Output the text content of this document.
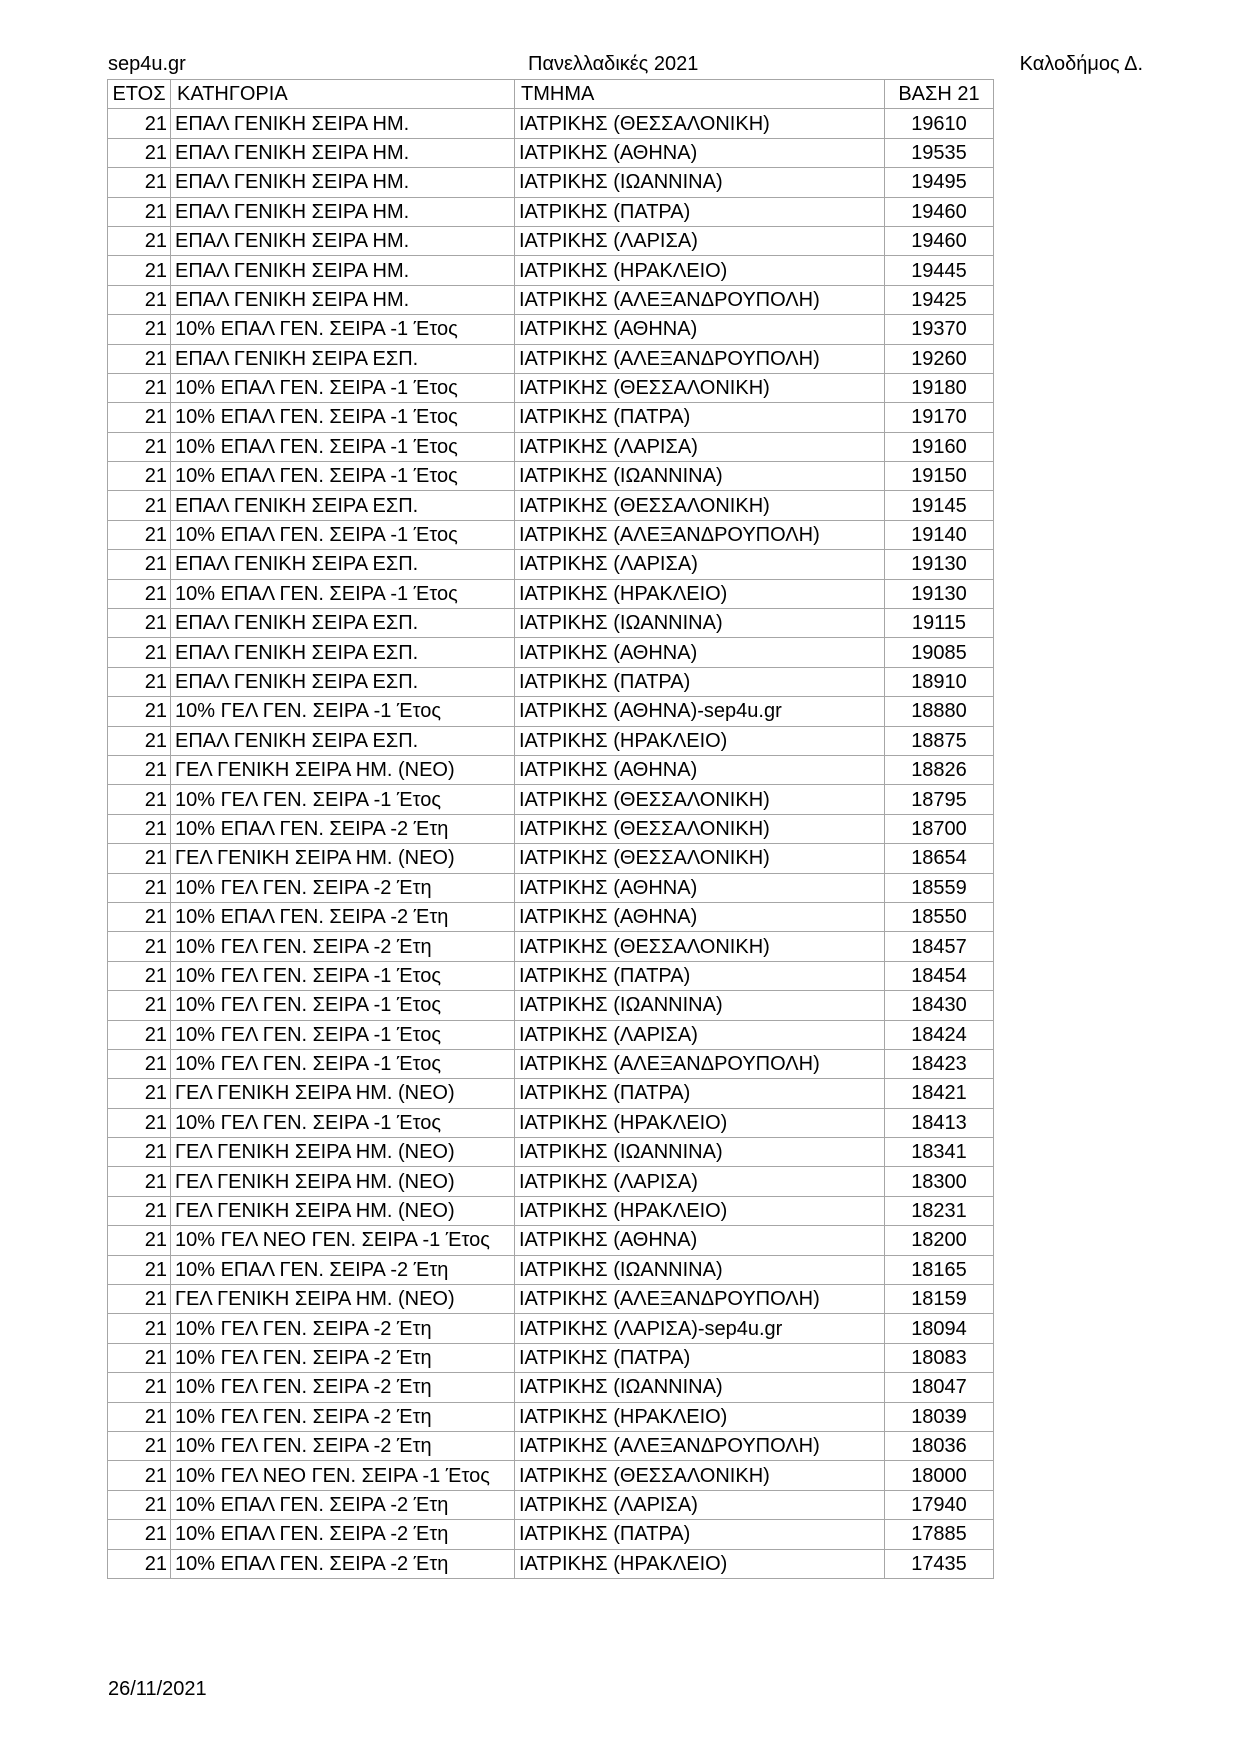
sep4u.gr	Πανελλαδικές 2021	Καλοδήμος Δ.
ΕΤΟΣ	ΚΑΤΗΓΟΡΙΑ	ΤΜΗΜΑ	ΒΑΣΗ 21
21	ΕΠΑΛ ΓΕΝΙΚΗ ΣΕΙΡΑ ΗΜ.	ΙΑΤΡΙΚΗΣ (ΘΕΣΣΑΛΟΝΙΚΗ)	19610
21	ΕΠΑΛ ΓΕΝΙΚΗ ΣΕΙΡΑ ΗΜ.	ΙΑΤΡΙΚΗΣ (ΑΘΗΝΑ)	19535
21	ΕΠΑΛ ΓΕΝΙΚΗ ΣΕΙΡΑ ΗΜ.	ΙΑΤΡΙΚΗΣ (ΙΩΑΝΝΙΝΑ)	19495
21	ΕΠΑΛ ΓΕΝΙΚΗ ΣΕΙΡΑ ΗΜ.	ΙΑΤΡΙΚΗΣ (ΠΑΤΡΑ)	19460
21	ΕΠΑΛ ΓΕΝΙΚΗ ΣΕΙΡΑ ΗΜ.	ΙΑΤΡΙΚΗΣ (ΛΑΡΙΣΑ)	19460
21	ΕΠΑΛ ΓΕΝΙΚΗ ΣΕΙΡΑ ΗΜ.	ΙΑΤΡΙΚΗΣ (ΗΡΑΚΛΕΙΟ)	19445
21	ΕΠΑΛ ΓΕΝΙΚΗ ΣΕΙΡΑ ΗΜ.	ΙΑΤΡΙΚΗΣ (ΑΛΕΞΑΝΔΡΟΥΠΟΛΗ)	19425
21	10% ΕΠΑΛ ΓΕΝ. ΣΕΙΡΑ -1 Έτος	ΙΑΤΡΙΚΗΣ (ΑΘΗΝΑ)	19370
21	ΕΠΑΛ ΓΕΝΙΚΗ ΣΕΙΡΑ ΕΣΠ.	ΙΑΤΡΙΚΗΣ (ΑΛΕΞΑΝΔΡΟΥΠΟΛΗ)	19260
21	10% ΕΠΑΛ ΓΕΝ. ΣΕΙΡΑ -1 Έτος	ΙΑΤΡΙΚΗΣ (ΘΕΣΣΑΛΟΝΙΚΗ)	19180
21	10% ΕΠΑΛ ΓΕΝ. ΣΕΙΡΑ -1 Έτος	ΙΑΤΡΙΚΗΣ (ΠΑΤΡΑ)	19170
21	10% ΕΠΑΛ ΓΕΝ. ΣΕΙΡΑ -1 Έτος	ΙΑΤΡΙΚΗΣ (ΛΑΡΙΣΑ)	19160
21	10% ΕΠΑΛ ΓΕΝ. ΣΕΙΡΑ -1 Έτος	ΙΑΤΡΙΚΗΣ (ΙΩΑΝΝΙΝΑ)	19150
21	ΕΠΑΛ ΓΕΝΙΚΗ ΣΕΙΡΑ ΕΣΠ.	ΙΑΤΡΙΚΗΣ (ΘΕΣΣΑΛΟΝΙΚΗ)	19145
21	10% ΕΠΑΛ ΓΕΝ. ΣΕΙΡΑ -1 Έτος	ΙΑΤΡΙΚΗΣ (ΑΛΕΞΑΝΔΡΟΥΠΟΛΗ)	19140
21	ΕΠΑΛ ΓΕΝΙΚΗ ΣΕΙΡΑ ΕΣΠ.	ΙΑΤΡΙΚΗΣ (ΛΑΡΙΣΑ)	19130
21	10% ΕΠΑΛ ΓΕΝ. ΣΕΙΡΑ -1 Έτος	ΙΑΤΡΙΚΗΣ (ΗΡΑΚΛΕΙΟ)	19130
21	ΕΠΑΛ ΓΕΝΙΚΗ ΣΕΙΡΑ ΕΣΠ.	ΙΑΤΡΙΚΗΣ (ΙΩΑΝΝΙΝΑ)	19115
21	ΕΠΑΛ ΓΕΝΙΚΗ ΣΕΙΡΑ ΕΣΠ.	ΙΑΤΡΙΚΗΣ (ΑΘΗΝΑ)	19085
21	ΕΠΑΛ ΓΕΝΙΚΗ ΣΕΙΡΑ ΕΣΠ.	ΙΑΤΡΙΚΗΣ (ΠΑΤΡΑ)	18910
21	10% ΓΕΛ ΓΕΝ. ΣΕΙΡΑ -1 Έτος	ΙΑΤΡΙΚΗΣ (ΑΘΗΝΑ)-sep4u.gr	18880
21	ΕΠΑΛ ΓΕΝΙΚΗ ΣΕΙΡΑ ΕΣΠ.	ΙΑΤΡΙΚΗΣ (ΗΡΑΚΛΕΙΟ)	18875
21	ΓΕΛ ΓΕΝΙΚΗ ΣΕΙΡΑ ΗΜ. (ΝΕΟ)	ΙΑΤΡΙΚΗΣ (ΑΘΗΝΑ)	18826
21	10% ΓΕΛ ΓΕΝ. ΣΕΙΡΑ -1 Έτος	ΙΑΤΡΙΚΗΣ (ΘΕΣΣΑΛΟΝΙΚΗ)	18795
21	10% ΕΠΑΛ ΓΕΝ. ΣΕΙΡΑ -2 Έτη	ΙΑΤΡΙΚΗΣ (ΘΕΣΣΑΛΟΝΙΚΗ)	18700
21	ΓΕΛ ΓΕΝΙΚΗ ΣΕΙΡΑ ΗΜ. (ΝΕΟ)	ΙΑΤΡΙΚΗΣ (ΘΕΣΣΑΛΟΝΙΚΗ)	18654
21	10% ΓΕΛ ΓΕΝ. ΣΕΙΡΑ -2 Έτη	ΙΑΤΡΙΚΗΣ (ΑΘΗΝΑ)	18559
21	10% ΕΠΑΛ ΓΕΝ. ΣΕΙΡΑ -2 Έτη	ΙΑΤΡΙΚΗΣ (ΑΘΗΝΑ)	18550
21	10% ΓΕΛ ΓΕΝ. ΣΕΙΡΑ -2 Έτη	ΙΑΤΡΙΚΗΣ (ΘΕΣΣΑΛΟΝΙΚΗ)	18457
21	10% ΓΕΛ ΓΕΝ. ΣΕΙΡΑ -1 Έτος	ΙΑΤΡΙΚΗΣ (ΠΑΤΡΑ)	18454
21	10% ΓΕΛ ΓΕΝ. ΣΕΙΡΑ -1 Έτος	ΙΑΤΡΙΚΗΣ (ΙΩΑΝΝΙΝΑ)	18430
21	10% ΓΕΛ ΓΕΝ. ΣΕΙΡΑ -1 Έτος	ΙΑΤΡΙΚΗΣ (ΛΑΡΙΣΑ)	18424
21	10% ΓΕΛ ΓΕΝ. ΣΕΙΡΑ -1 Έτος	ΙΑΤΡΙΚΗΣ (ΑΛΕΞΑΝΔΡΟΥΠΟΛΗ)	18423
21	ΓΕΛ ΓΕΝΙΚΗ ΣΕΙΡΑ ΗΜ. (ΝΕΟ)	ΙΑΤΡΙΚΗΣ (ΠΑΤΡΑ)	18421
21	10% ΓΕΛ ΓΕΝ. ΣΕΙΡΑ -1 Έτος	ΙΑΤΡΙΚΗΣ (ΗΡΑΚΛΕΙΟ)	18413
21	ΓΕΛ ΓΕΝΙΚΗ ΣΕΙΡΑ ΗΜ. (ΝΕΟ)	ΙΑΤΡΙΚΗΣ (ΙΩΑΝΝΙΝΑ)	18341
21	ΓΕΛ ΓΕΝΙΚΗ ΣΕΙΡΑ ΗΜ. (ΝΕΟ)	ΙΑΤΡΙΚΗΣ (ΛΑΡΙΣΑ)	18300
21	ΓΕΛ ΓΕΝΙΚΗ ΣΕΙΡΑ ΗΜ. (ΝΕΟ)	ΙΑΤΡΙΚΗΣ (ΗΡΑΚΛΕΙΟ)	18231
21	10% ΓΕΛ ΝΕΟ ΓΕΝ. ΣΕΙΡΑ -1 Έτος	ΙΑΤΡΙΚΗΣ (ΑΘΗΝΑ)	18200
21	10% ΕΠΑΛ ΓΕΝ. ΣΕΙΡΑ -2 Έτη	ΙΑΤΡΙΚΗΣ (ΙΩΑΝΝΙΝΑ)	18165
21	ΓΕΛ ΓΕΝΙΚΗ ΣΕΙΡΑ ΗΜ. (ΝΕΟ)	ΙΑΤΡΙΚΗΣ (ΑΛΕΞΑΝΔΡΟΥΠΟΛΗ)	18159
21	10% ΓΕΛ ΓΕΝ. ΣΕΙΡΑ -2 Έτη	ΙΑΤΡΙΚΗΣ (ΛΑΡΙΣΑ)-sep4u.gr	18094
21	10% ΓΕΛ ΓΕΝ. ΣΕΙΡΑ -2 Έτη	ΙΑΤΡΙΚΗΣ (ΠΑΤΡΑ)	18083
21	10% ΓΕΛ ΓΕΝ. ΣΕΙΡΑ -2 Έτη	ΙΑΤΡΙΚΗΣ (ΙΩΑΝΝΙΝΑ)	18047
21	10% ΓΕΛ ΓΕΝ. ΣΕΙΡΑ -2 Έτη	ΙΑΤΡΙΚΗΣ (ΗΡΑΚΛΕΙΟ)	18039
21	10% ΓΕΛ ΓΕΝ. ΣΕΙΡΑ -2 Έτη	ΙΑΤΡΙΚΗΣ (ΑΛΕΞΑΝΔΡΟΥΠΟΛΗ)	18036
21	10% ΓΕΛ ΝΕΟ ΓΕΝ. ΣΕΙΡΑ -1 Έτος	ΙΑΤΡΙΚΗΣ (ΘΕΣΣΑΛΟΝΙΚΗ)	18000
21	10% ΕΠΑΛ ΓΕΝ. ΣΕΙΡΑ -2 Έτη	ΙΑΤΡΙΚΗΣ (ΛΑΡΙΣΑ)	17940
21	10% ΕΠΑΛ ΓΕΝ. ΣΕΙΡΑ -2 Έτη	ΙΑΤΡΙΚΗΣ (ΠΑΤΡΑ)	17885
21	10% ΕΠΑΛ ΓΕΝ. ΣΕΙΡΑ -2 Έτη	ΙΑΤΡΙΚΗΣ (ΗΡΑΚΛΕΙΟ)	17435
26/11/2021
